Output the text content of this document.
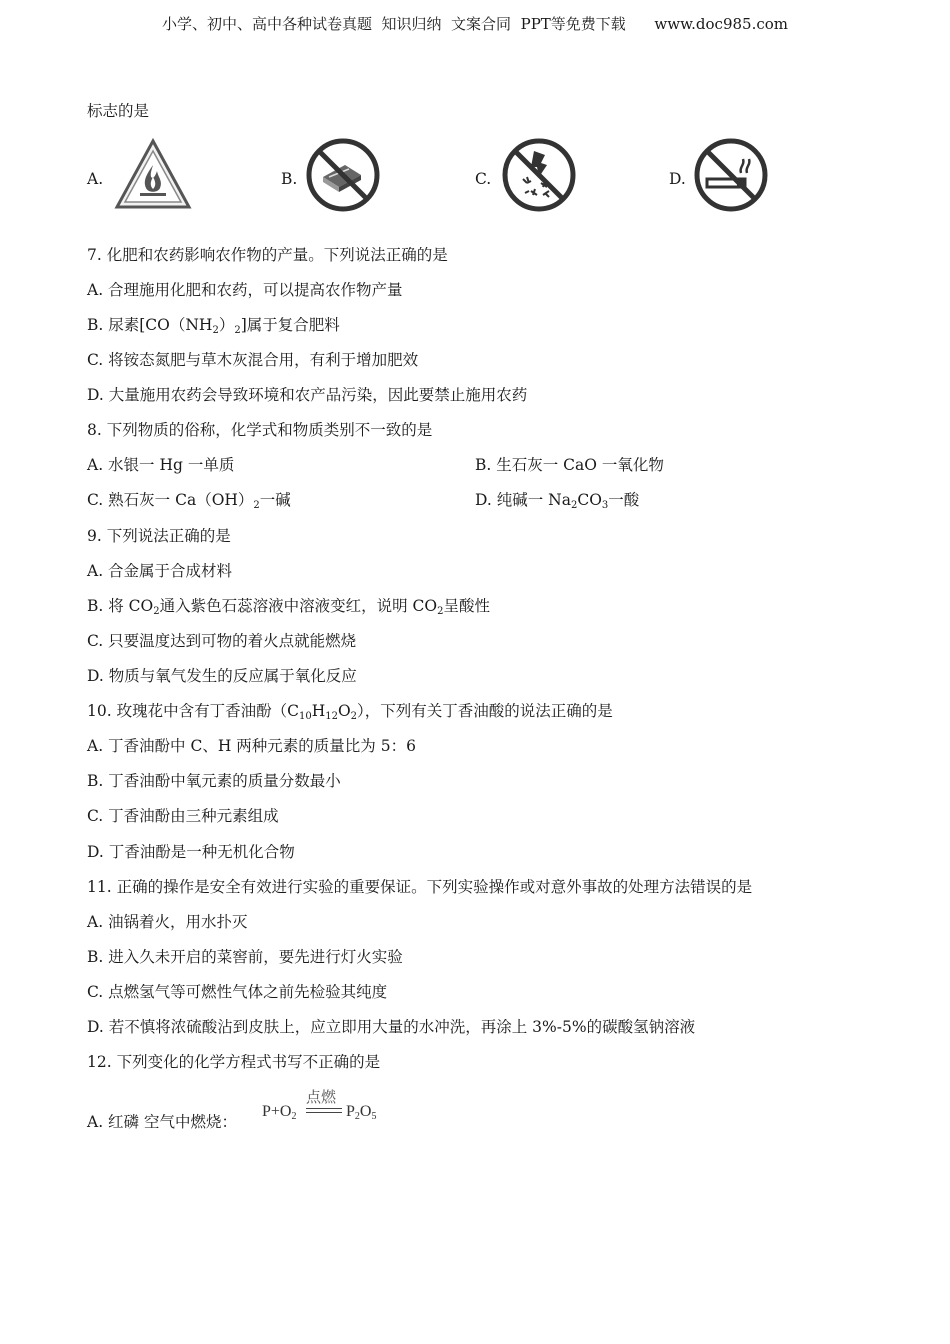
小学、初中、高中各种试卷真题  知识归纳  文案合同  PPT等免费下载 www.doc985.com
标志的是
A.	B.	C.	D.
7. 化肥和农药影响农作物的产量。下列说法正确的是
A. 合理施用化肥和农药，可以提高农作物产量
B. 尿素$[CO(NH_2)_2]$属于复合肥料
C. 将铵态氮肥与草木灰混合用，有利于增加肥效
D. 大量施用农药会导致环境和农产品污染，因此要禁止施用农药
8. 下列物质的俗称，化学式和物质类别不一致的是
A. 水银一 Hg 一单质	B. 生石灰一 CaO 一氧化物
C. 熟石灰一 $Ca(OH)_2$一碱	D. 纯碱一 $Na_2CO_3$一酸
9. 下列说法正确的是
A. 合金属于合成材料
B. 将 $CO_2$通入紫色石蕊溶液中溶液变红，说明 $CO_2$呈酸性
C. 只要温度达到可物的着火点就能燃烧
D. 物质与氧气发生的反应属于氧化反应
10. 玫瑰花中含有丁香油酚$(C_{10}H_{12}O_2)$，下列有关丁香油酸的说法正确的是
A. 丁香油酚中 C、H 两种元素的质量比为 5：6
B. 丁香油酚中氧元素的质量分数最小
C. 丁香油酚由三种元素组成
D. 丁香油酚是一种无机化合物
11. 正确的操作是安全有效进行实验的重要保证。下列实验操作或对意外事故的处理方法错误的是
A. 油锅着火，用水扑灭
B. 进入久未开启的菜窖前，要先进行灯火实验
C. 点燃氢气等可燃性气体之前先检验其纯度
D. 若不慎将浓硫酸沾到皮肤上，应立即用大量的水冲洗，再涂上 3%-5%的碳酸氢钠溶液
12. 下列变化的化学方程式书写不正确的是
A. 红磷 空气中燃烧：
点燃
$P+O_2$	$P_2O_5$
